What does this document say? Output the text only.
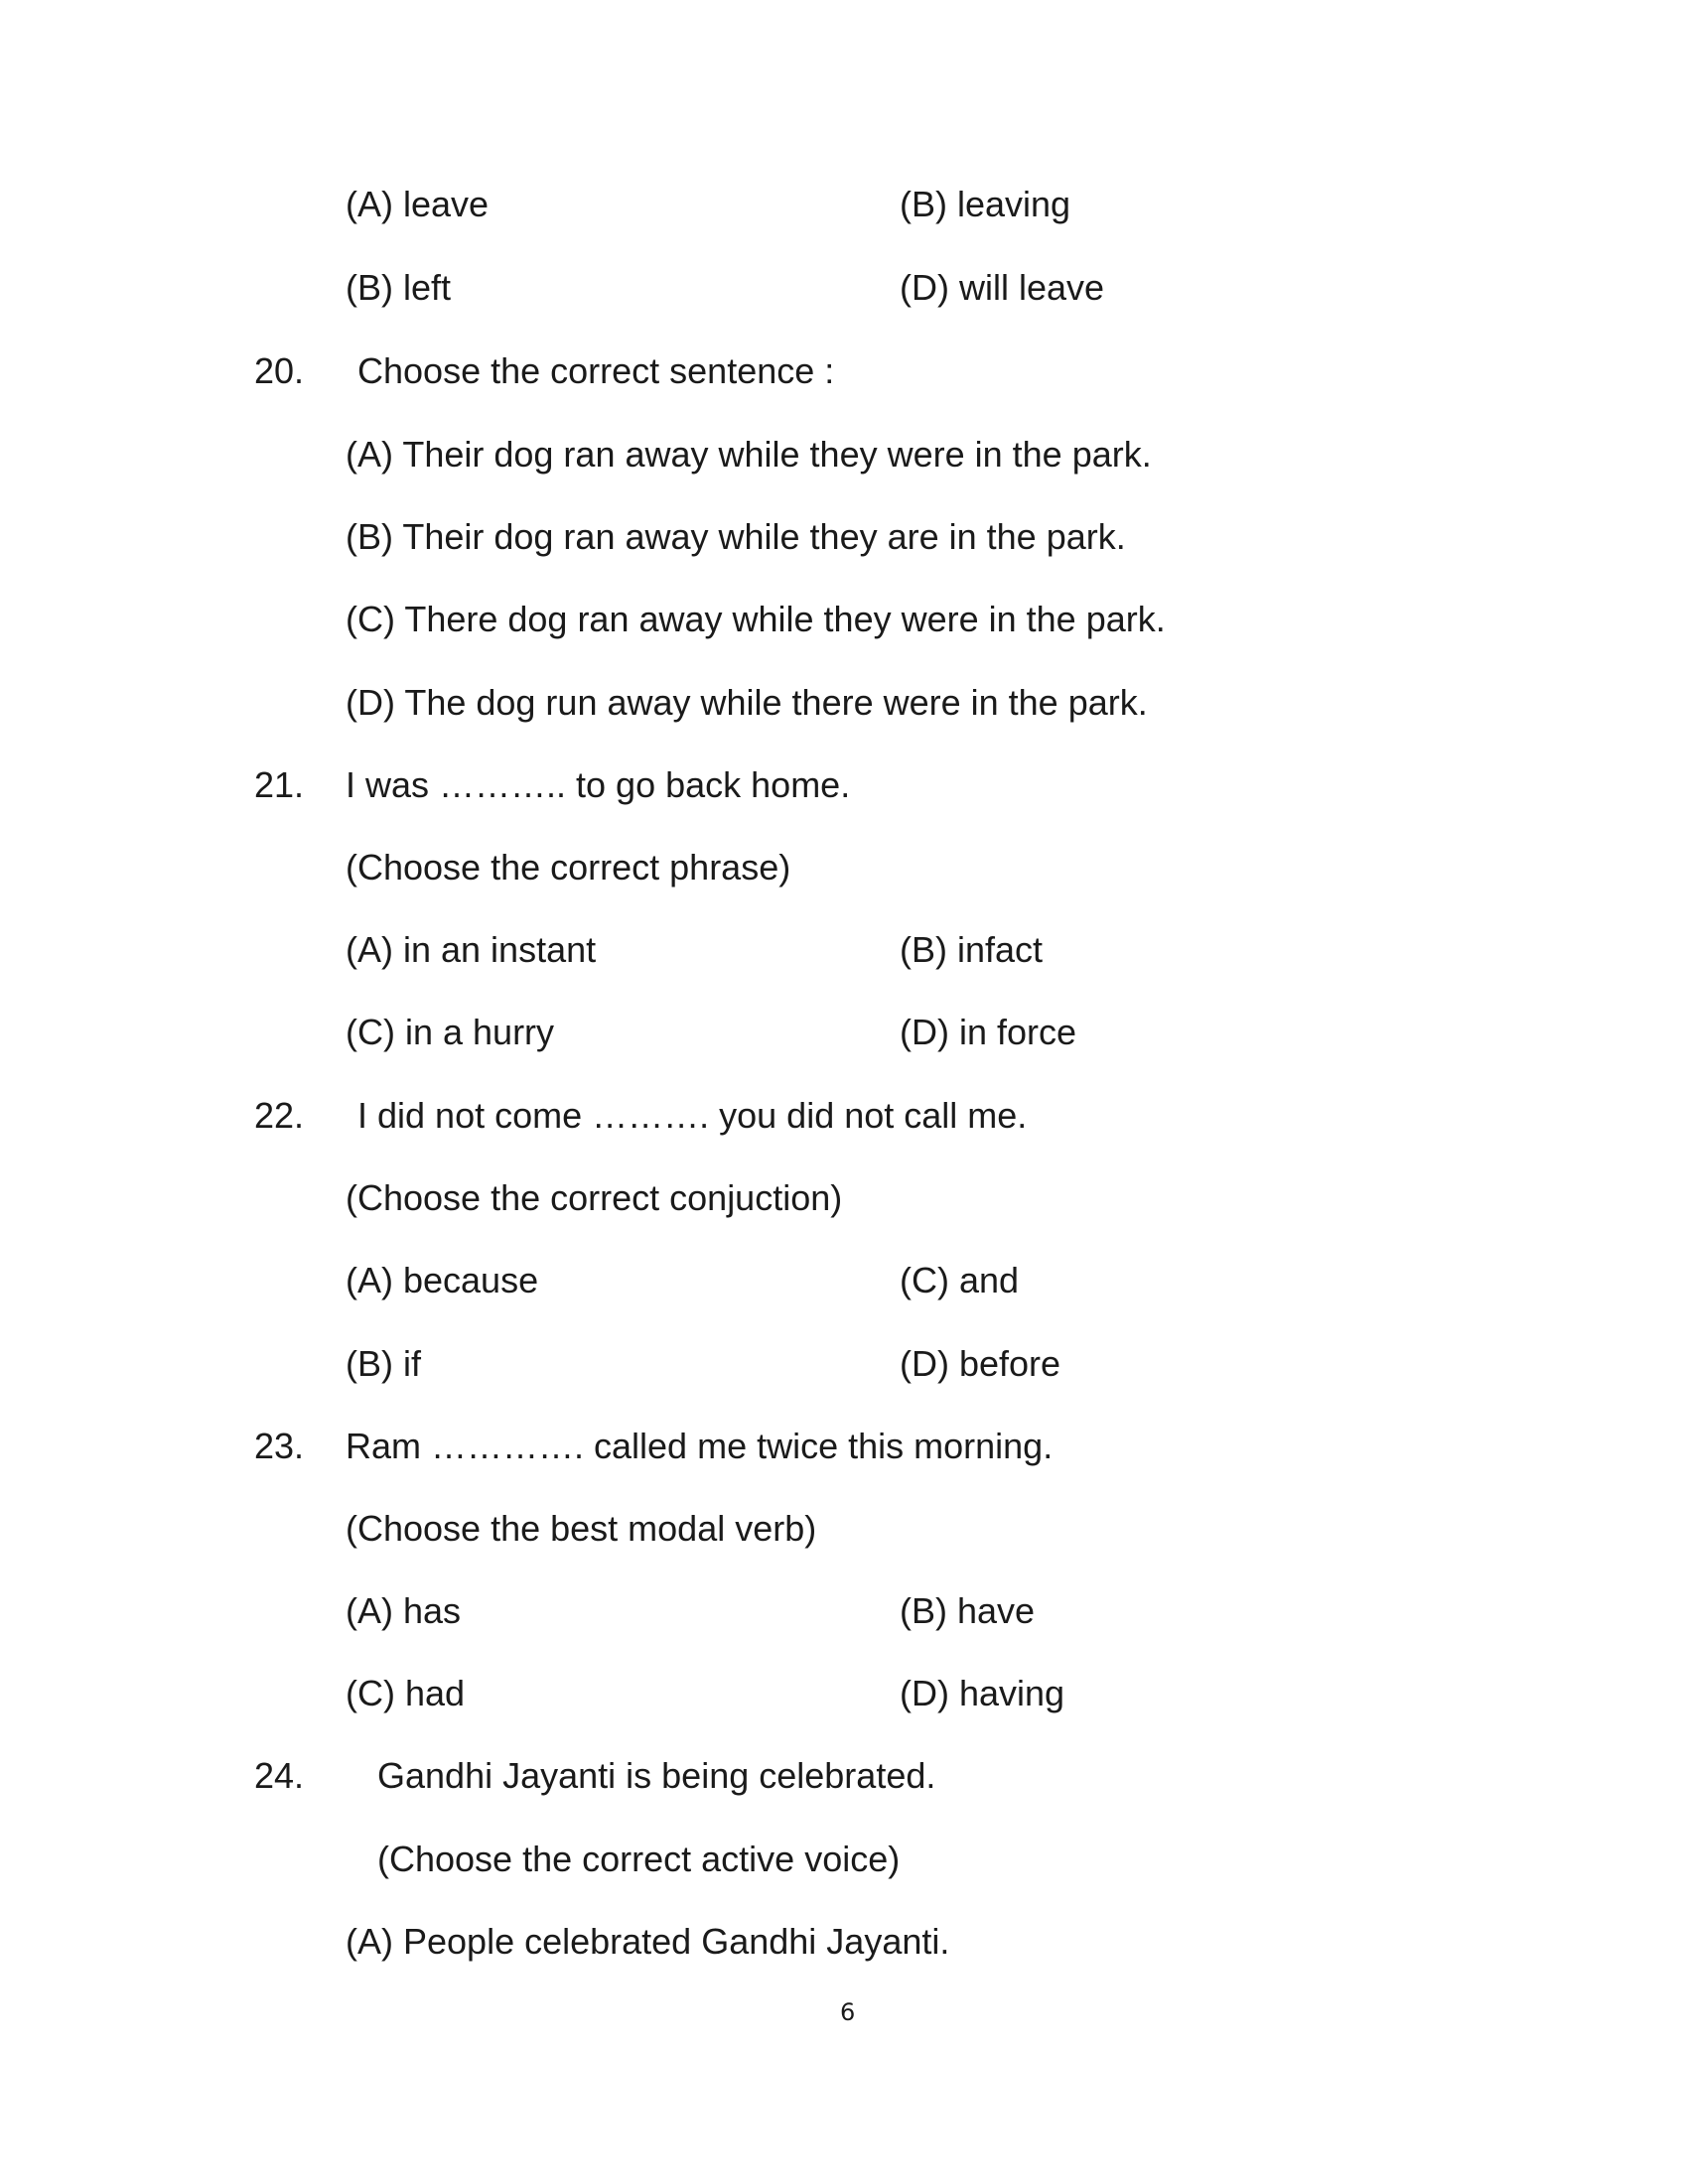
(A) leave	(B) leaving
(B) left	(D) will leave
20. Choose the correct sentence :
(A) Their dog ran away while they were in the park.
(B) Their dog ran away while they are in the park.
(C) There dog ran away while they were in the park.
(D) The dog run away while there were in the park.
21. I was ……….. to go back home.
(Choose the correct phrase)
(A) in an instant	(B) infact
(C) in a hurry	(D) in force
22. I did not come ………. you did not call me.
(Choose the correct conjuction)
(A) because	(C) and
(B) if	(D) before
23. Ram …………. called me twice this morning.
(Choose the best modal verb)
(A) has	(B) have
(C) had	(D) having
24. Gandhi Jayanti is being celebrated.
(Choose the correct active voice)
(A) People celebrated Gandhi Jayanti.
6
